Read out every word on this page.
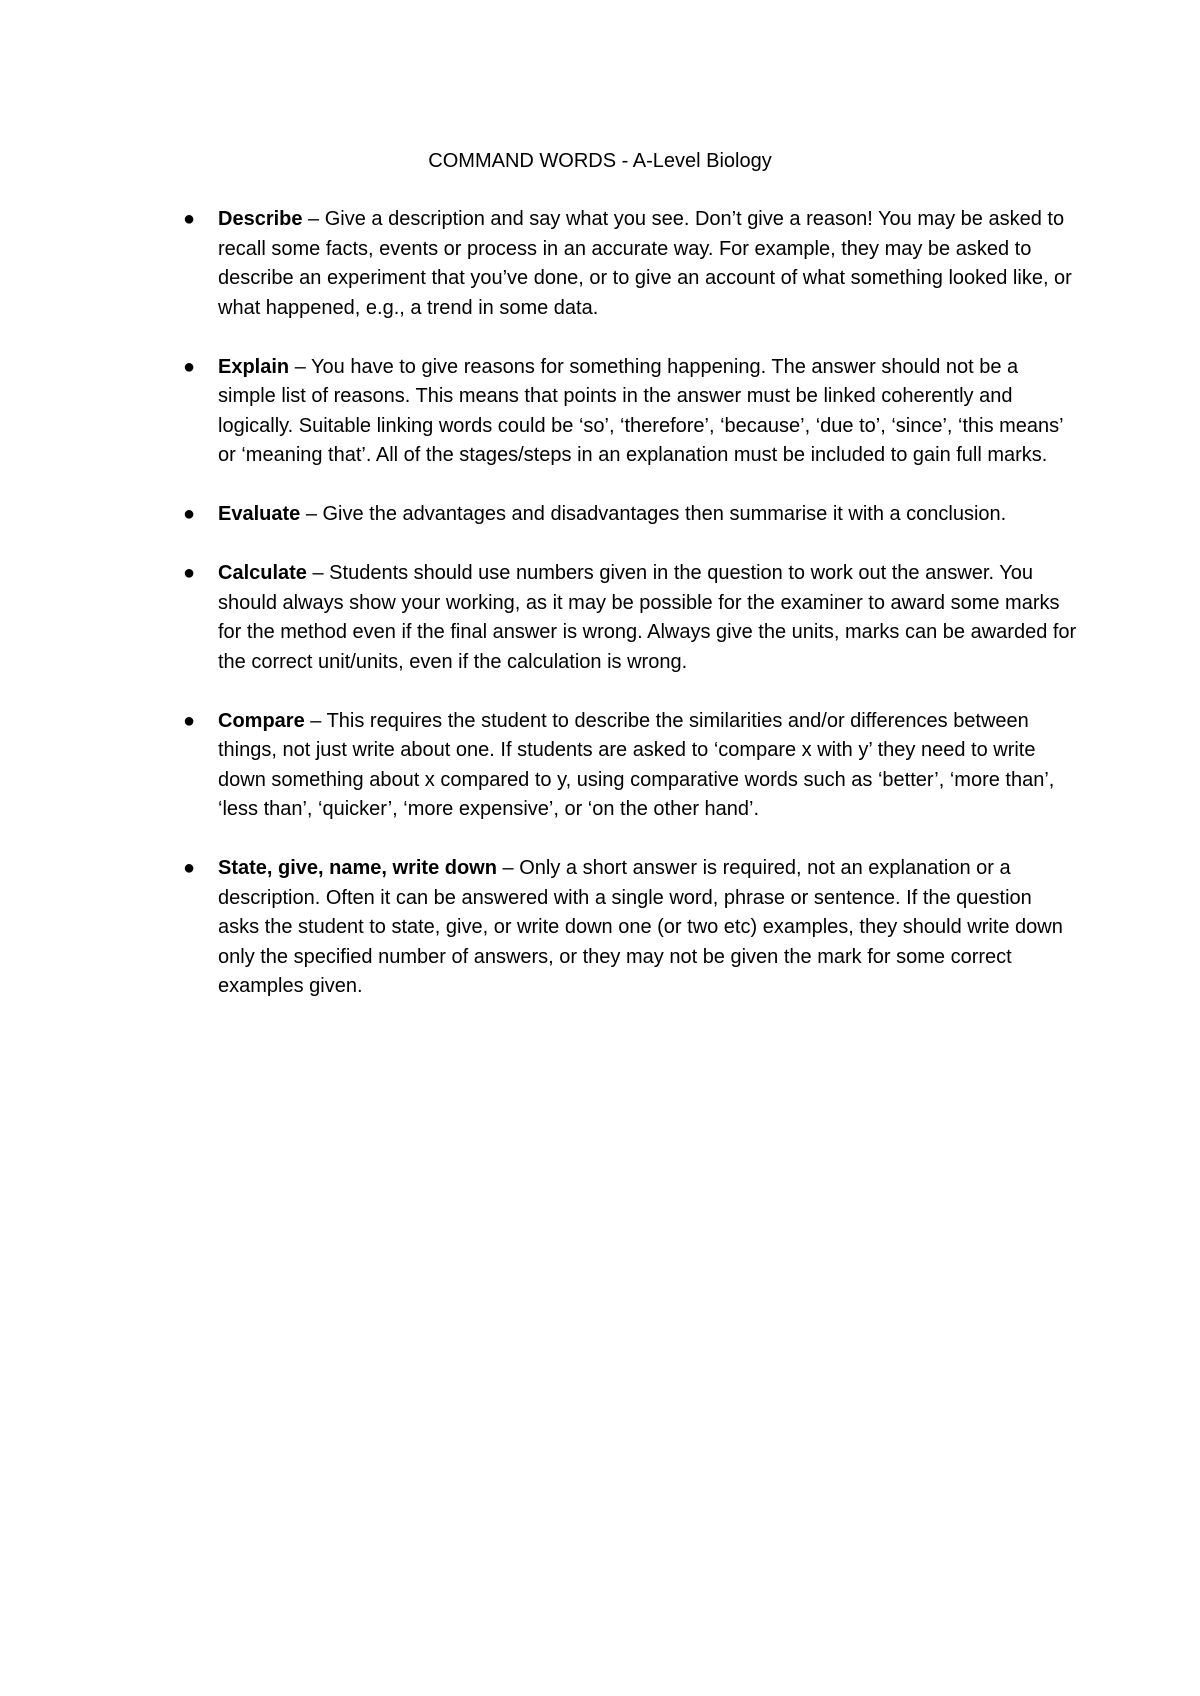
COMMAND WORDS - A-Level Biology
● Describe – Give a description and say what you see. Don’t give a reason! You may be asked to recall some facts, events or process in an accurate way. For example, they may be asked to describe an experiment that you’ve done, or to give an account of what something looked like, or what happened, e.g., a trend in some data.
● Explain – You have to give reasons for something happening. The answer should not be a simple list of reasons. This means that points in the answer must be linked coherently and logically. Suitable linking words could be ‘so’, ‘therefore’, ‘because’, ‘due to’, ‘since’, ‘this means’ or ‘meaning that’. All of the stages/steps in an explanation must be included to gain full marks.
● Evaluate – Give the advantages and disadvantages then summarise it with a conclusion.
● Calculate – Students should use numbers given in the question to work out the answer. You should always show your working, as it may be possible for the examiner to award some marks for the method even if the final answer is wrong. Always give the units, marks can be awarded for the correct unit/units, even if the calculation is wrong.
● Compare – This requires the student to describe the similarities and/or differences between things, not just write about one. If students are asked to ‘compare x with y’ they need to write down something about x compared to y, using comparative words such as ‘better’, ‘more than’, ‘less than’, ‘quicker’, ‘more expensive’, or ‘on the other hand’.
● State, give, name, write down – Only a short answer is required, not an explanation or a description. Often it can be answered with a single word, phrase or sentence. If the question asks the student to state, give, or write down one (or two etc) examples, they should write down only the specified number of answers, or they may not be given the mark for some correct examples given.
